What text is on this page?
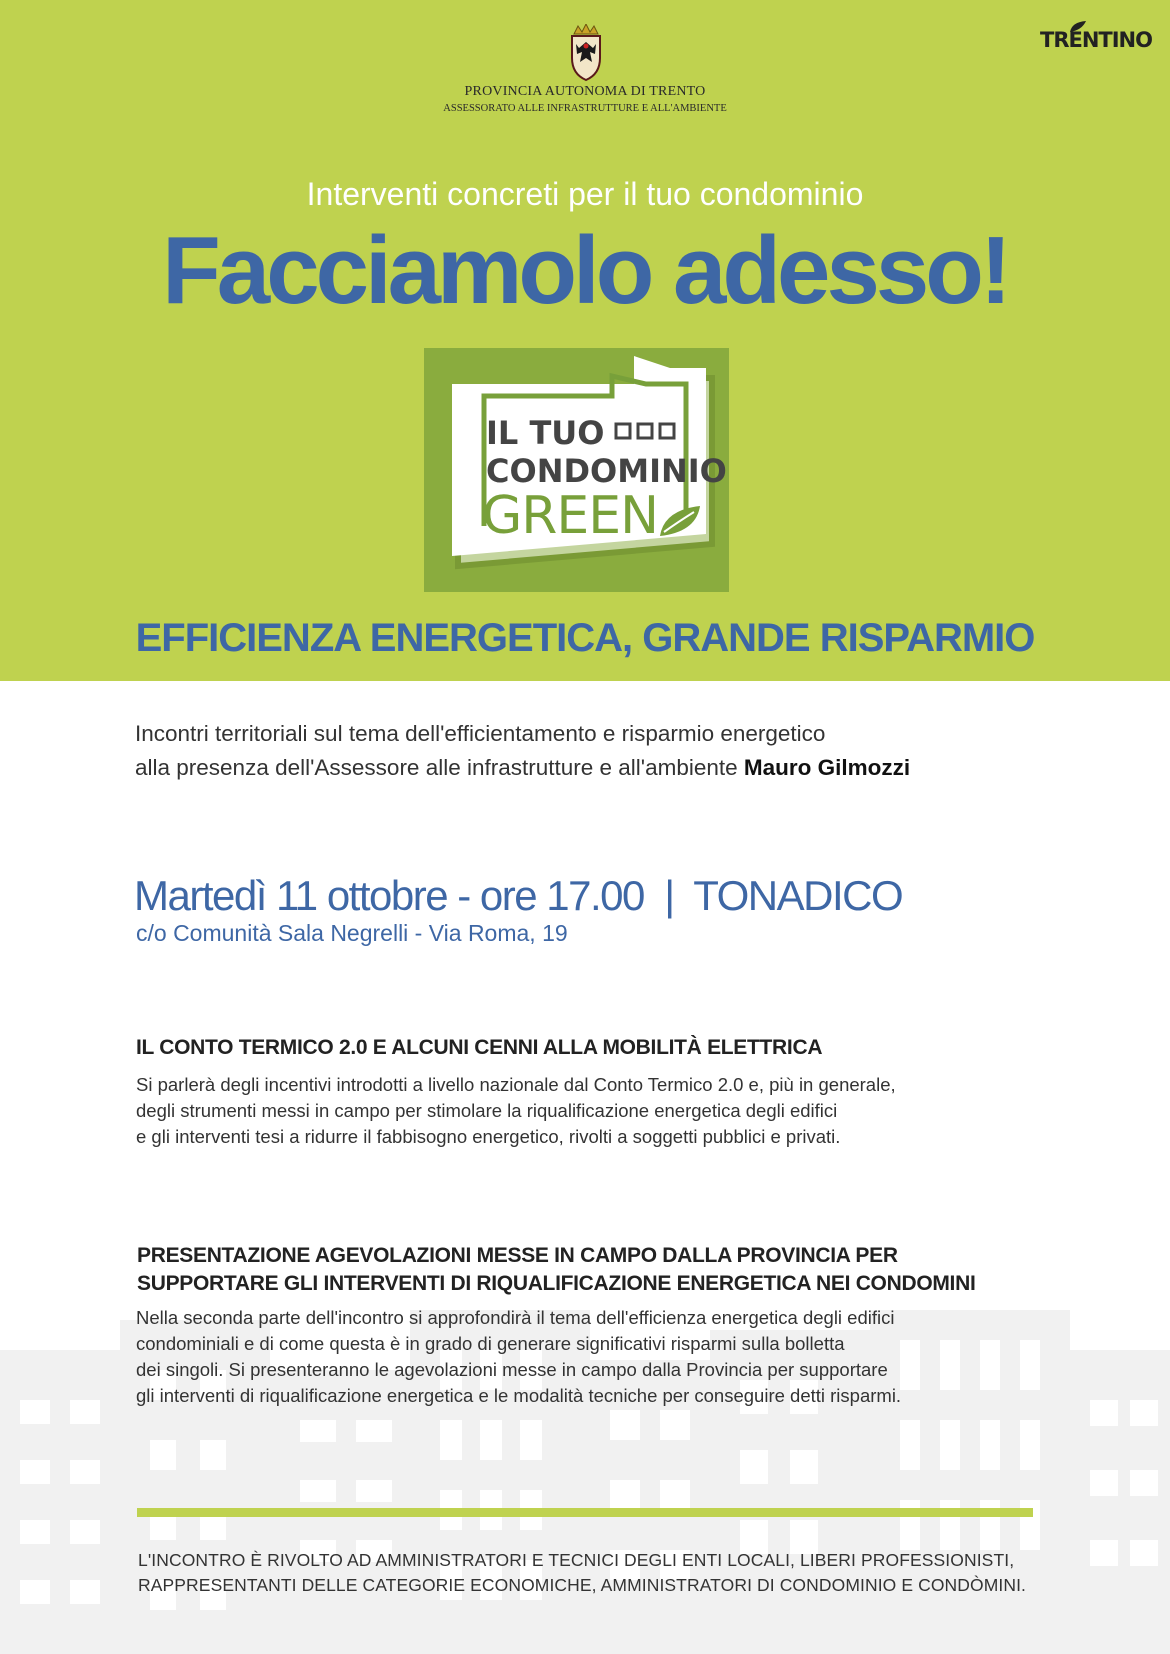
PROVINCIA AUTONOMA DI TRENTO
ASSESSORATO ALLE INFRASTRUTTURE E ALL'AMBIENTE
TRENTINO
Interventi concreti per il tuo condominio
Facciamolo adesso!
IL TUO
CONDOMINIO
GREEN
EFFICIENZA ENERGETICA, GRANDE RISPARMIO
Incontri territoriali sul tema dell'efficientamento e risparmio energetico
alla presenza dell'Assessore alle infrastrutture e all'ambiente Mauro Gilmozzi
Martedì 11 ottobre - ore 17.00  |  TONADICO
c/o Comunità Sala Negrelli - Via Roma, 19
IL CONTO TERMICO 2.0 E ALCUNI CENNI ALLA MOBILITÀ ELETTRICA
Si parlerà degli incentivi introdotti a livello nazionale dal Conto Termico 2.0 e, più in generale,
degli strumenti messi in campo per stimolare la riqualificazione energetica degli edifici
e gli interventi tesi a ridurre il fabbisogno energetico, rivolti a soggetti pubblici e privati.
PRESENTAZIONE AGEVOLAZIONI MESSE IN CAMPO DALLA PROVINCIA PER
SUPPORTARE GLI INTERVENTI DI RIQUALIFICAZIONE ENERGETICA NEI CONDOMINI
Nella seconda parte dell'incontro si approfondirà il tema dell'efficienza energetica degli edifici
condominiali e di come questa è in grado di generare significativi risparmi sulla bolletta
dei singoli. Si presenteranno le agevolazioni messe in campo dalla Provincia per supportare
gli interventi di riqualificazione energetica e le modalità tecniche per conseguire detti risparmi.
L'INCONTRO È RIVOLTO AD AMMINISTRATORI E TECNICI DEGLI ENTI LOCALI, LIBERI PROFESSIONISTI,
RAPPRESENTANTI DELLE CATEGORIE ECONOMICHE, AMMINISTRATORI DI CONDOMINIO E CONDÒMINI.
